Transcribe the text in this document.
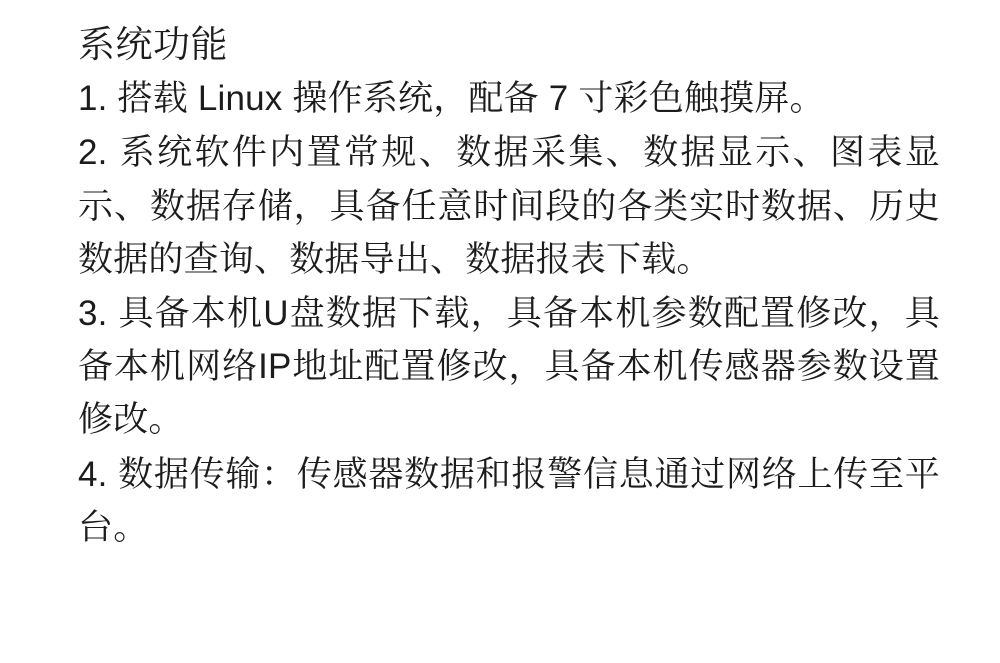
系统功能

1. 搭载 Linux 操作系统，配备 7 寸彩色触摸屏。

2. 系统软件内置常规、数据采集、数据显示、图表显示、数据存储，具备任意时间段的各类实时数据、历史数据的查询、数据导出、数据报表下载。

3. 具备本机U盘数据下载，具备本机参数配置修改，具备本机网络IP地址配置修改，具备本机传感器参数设置修改。

4. 数据传输：传感器数据和报警信息通过网络上传至平台。
